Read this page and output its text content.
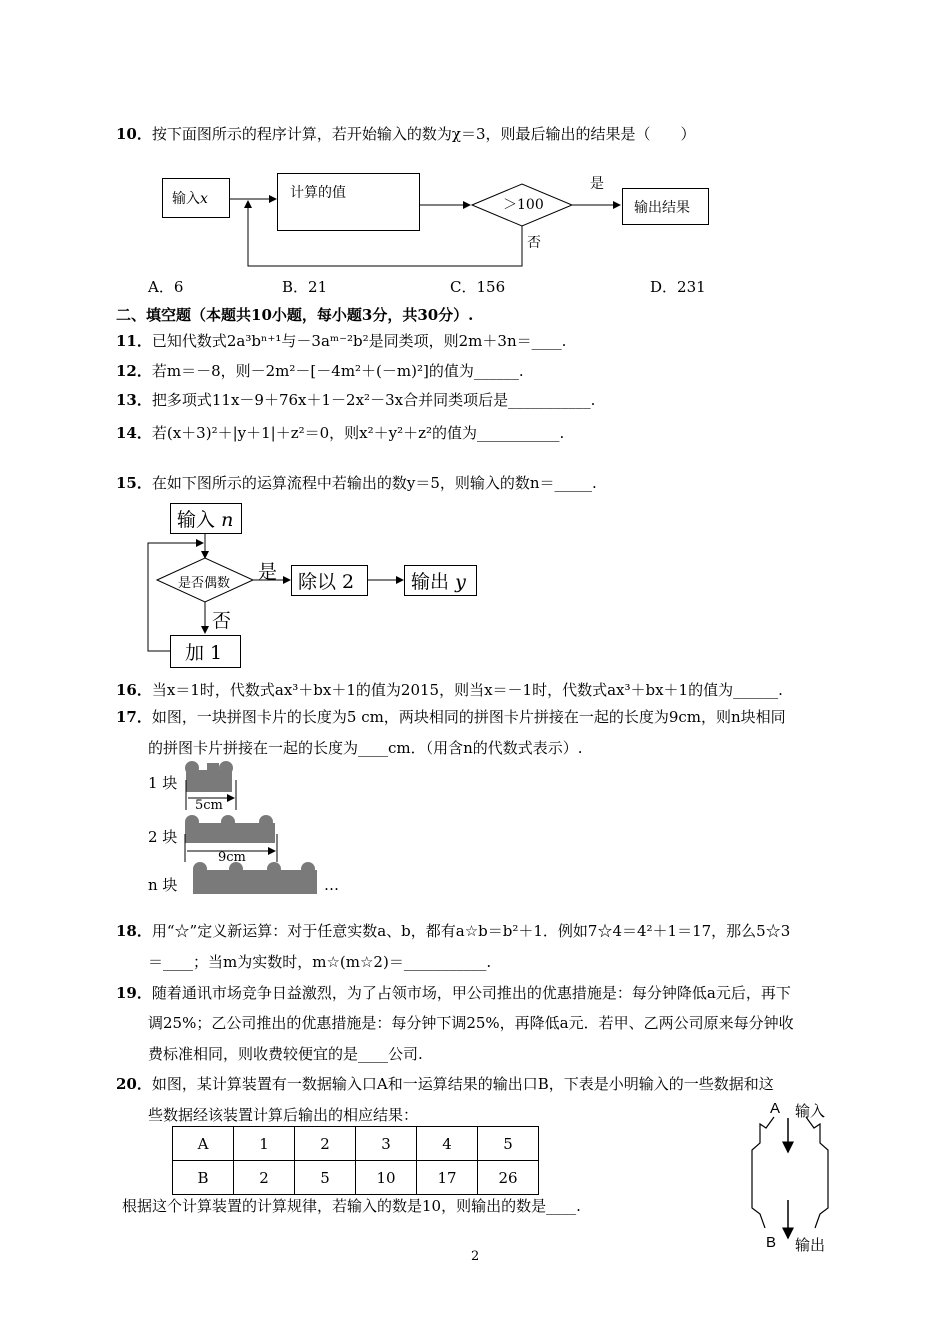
10．按下面图所示的程序计算，若开始输入的数为χ＝3，则最后输出的结果是（　　）
输入x	计算的值
＞100
是
否
输出结果
A．6	B．21	C．156	D．231
二、填空题（本题共10小题，每小题3分，共30分）.
11．已知代数式2a³bⁿ⁺¹与－3aᵐ⁻²b²是同类项，则2m＋3n＝____.
12．若m＝－8，则－2m²－[－4m²＋(－m)²]的值为______.
13．把多项式11x－9＋76x＋1－2x²－3x合并同类项后是___________.
14．若(x＋3)²＋|y＋1|＋z²＝0，则x²＋y²＋z²的值为___________.
15．在如下图所示的运算流程中若输出的数y＝5，则输入的数n＝_____.
输入 n
是否偶数
是 除以 2	输出 y
否
加 1
16．当x＝1时，代数式ax³＋bx＋1的值为2015，则当x＝－1时，代数式ax³＋bx＋1的值为______.
17．如图，一块拼图卡片的长度为5 cm，两块相同的拼图卡片拼接在一起的长度为9cm，则n块相同
的拼图卡片拼接在一起的长度为____cm．（用含n的代数式表示）.
1 块
2 块
n 块
5cm
9cm
…
18．用“☆”定义新运算：对于任意实数a、b，都有a☆b＝b²＋1．例如7☆4＝4²＋1＝17，那么5☆3
＝____；当m为实数时，m☆(m☆2)＝___________.
19．随着通讯市场竞争日益激烈，为了占领市场，甲公司推出的优惠措施是：每分钟降低a元后，再下
调25%；乙公司推出的优惠措施是：每分钟下调25%，再降低a元．若甲、乙两公司原来每分钟收
费标准相同，则收费较便宜的是____公司.
20．如图，某计算装置有一数据输入口A和一运算结果的输出口B，下表是小明输入的一些数据和这
些数据经该装置计算后输出的相应结果：
A	1	2	3	4	5
B	2	5	10	17	26
根据这个计算装置的计算规律，若输入的数是10，则输出的数是____.
A 输入
B 输出
2
